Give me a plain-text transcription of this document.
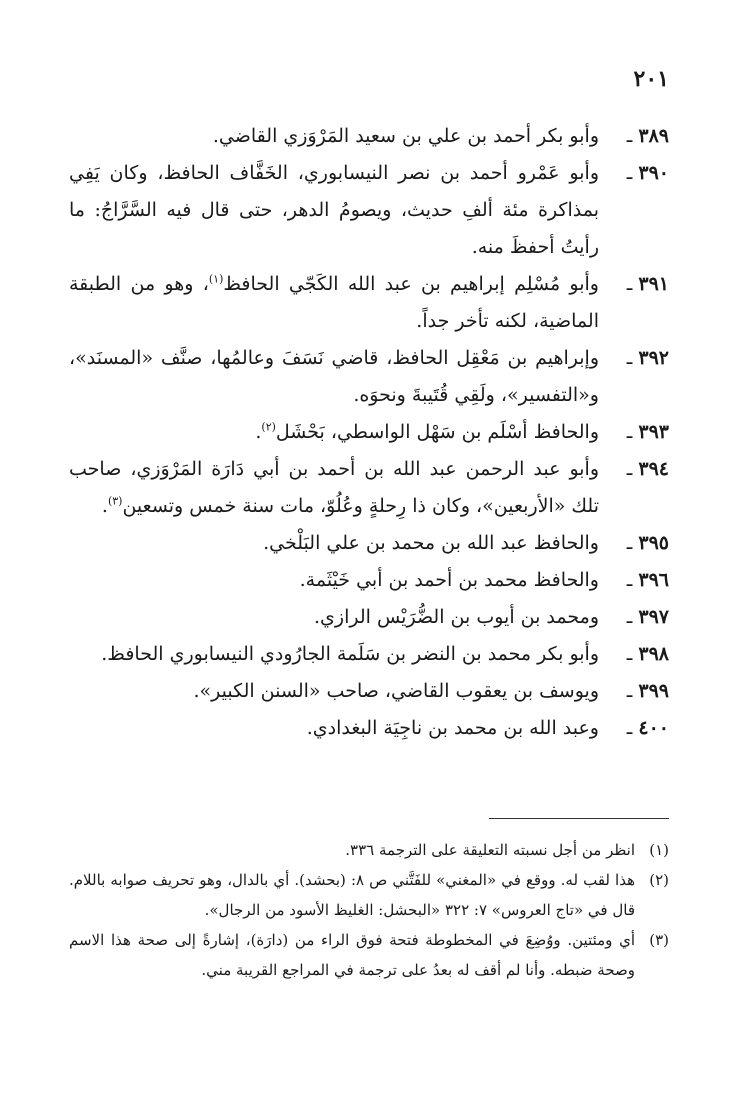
٢٠١
٣٨٩ـ
وأبو بكر أحمد بن علي بن سعيد المَرْوَزي القاضي.
٣٩٠ـ
وأبو عَمْرو أحمد بن نصر النيسابوري، الخَفَّاف الحافظ، وكان يَفِي بمذاكرة مئة ألفِ حديث، ويصومُ الدهر، حتى قال فيه السَّرَّاجُ: ما رأيتُ أحفظَ منه.
٣٩١ـ
وأبو مُسْلِم إبراهيم بن عبد الله الكَجّي الحافظ$^{(١)}$، وهو من الطبقة الماضية، لكنه تأخر جداً.
٣٩٢ـ
وإبراهيم بن مَعْقِل الحافظ، قاضي نَسَفَ وعالمُها، صنَّف «المسنَد»، و«التفسير»، ولَقِي قُتَيبةَ ونحوَه.
٣٩٣ـ
والحافظ أسْلَم بن سَهْل الواسطي، بَحْشَل$^{(٢)}$.
٣٩٤ـ
وأبو عبد الرحمن عبد الله بن أحمد بن أبي دَارَة المَرْوَزي، صاحب تلك «الأربعين»، وكان ذا رِحلةٍ وعُلُوّ، مات سنة خمس وتسعين$^{(٣)}$.
٣٩٥ـ
والحافظ عبد الله بن محمد بن علي البَلْخي.
٣٩٦ـ
والحافظ محمد بن أحمد بن أبي خَيْثَمة.
٣٩٧ـ
ومحمد بن أيوب بن الضُّرَيْس الرازي.
٣٩٨ـ
وأبو بكر محمد بن النضر بن سَلَمة الجارُودي النيسابوري الحافظ.
٣٩٩ـ
ويوسف بن يعقوب القاضي، صاحب «السنن الكبير».
٤٠٠ـ
وعبد الله بن محمد بن ناجِيَة البغدادي.
(١)
انظر من أجل نسبته التعليقة على الترجمة ٣٣٦.
(٢)
هذا لقب له. ووقع في «المغني» للفَتَّني ص ٨: (بحشد). أي بالدال، وهو تحريف صوابه باللام. قال في «تاج العروس» ٧: ٣٢٢ «البحشل: الغليظ الأسود من الرجال».
(٣)
أي ومئتين. ووُضِعَ في المخطوطة فتحة فوق الراء من (دارَة)، إشارةً إلى صحة هذا الاسم وصحة ضبطه. وأنا لم أقف له بعدُ على ترجمة في المراجع القريبة مني.
